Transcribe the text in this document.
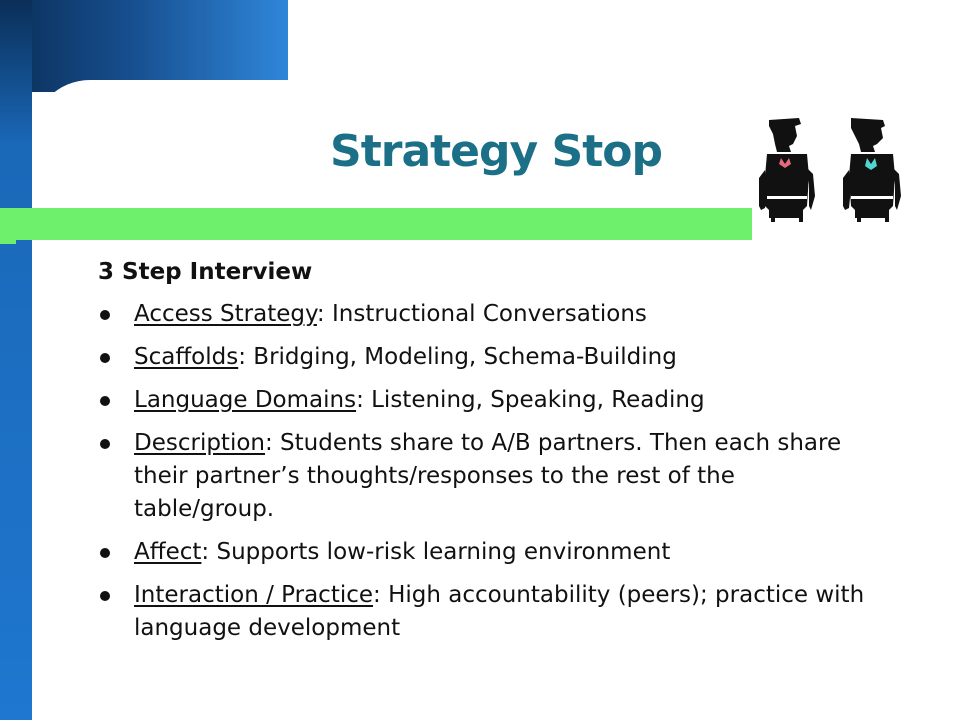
Strategy Stop
3 Step Interview
Access Strategy: Instructional Conversations
Scaffolds: Bridging, Modeling, Schema-Building
Language Domains: Listening, Speaking, Reading
Description: Students share to A/B partners. Then each share their partner’s thoughts/responses to the rest of the table/group.
Affect: Supports low-risk learning environment
Interaction / Practice: High accountability (peers); practice with language development
